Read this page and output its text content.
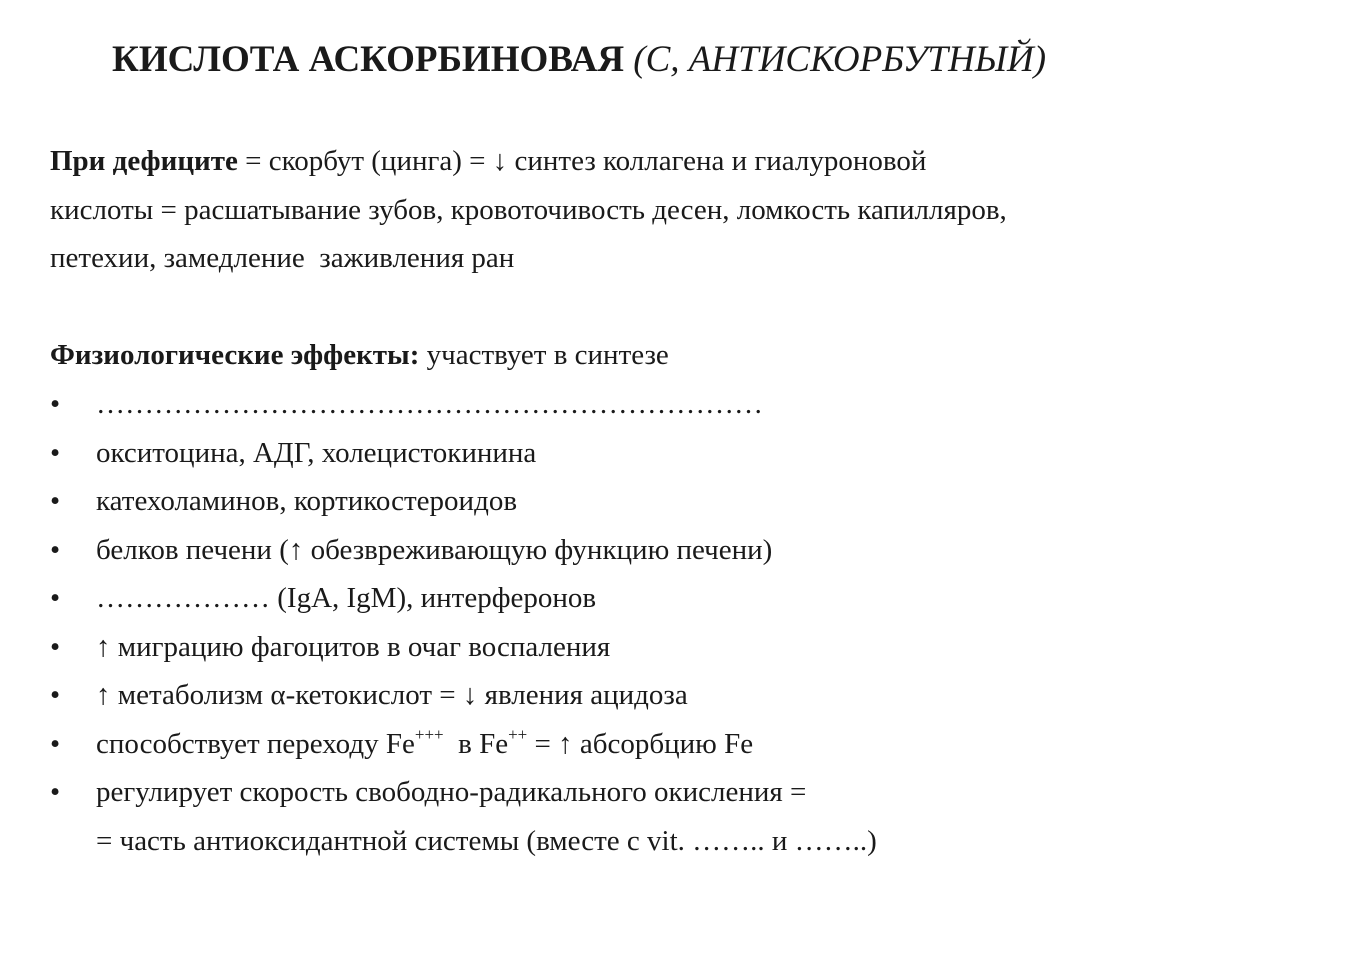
КИСЛОТА АСКОРБИНОВАЯ (С, АНТИСКОРБУТНЫЙ)
При дефиците = скорбут (цинга) = ↓ синтез коллагена и гиалуроновой
кислоты = расшатывание зубов, кровоточивость десен, ломкость капилляров,
петехии, замедление  заживления ран
Физиологические эффекты: участвует в синтезе
•	……………………………………………………………
•	окситоцина, АДГ, холецистокинина
•	катехоламинов, кортикостероидов
•	белков печени (↑ обезвреживающую функцию печени)
•	……………… (IgA, IgM), интерферонов
•	↑ миграцию фагоцитов в очаг воспаления
•	↑ метаболизм α-кетокислот = ↓ явления ацидоза
•	способствует переходу Fe+++  в Fe++ = ↑ абсорбцию Fe
•	регулирует скорость свободно-радикального окисления =
= часть антиоксидантной системы (вместе с vit. …….. и ……..)
